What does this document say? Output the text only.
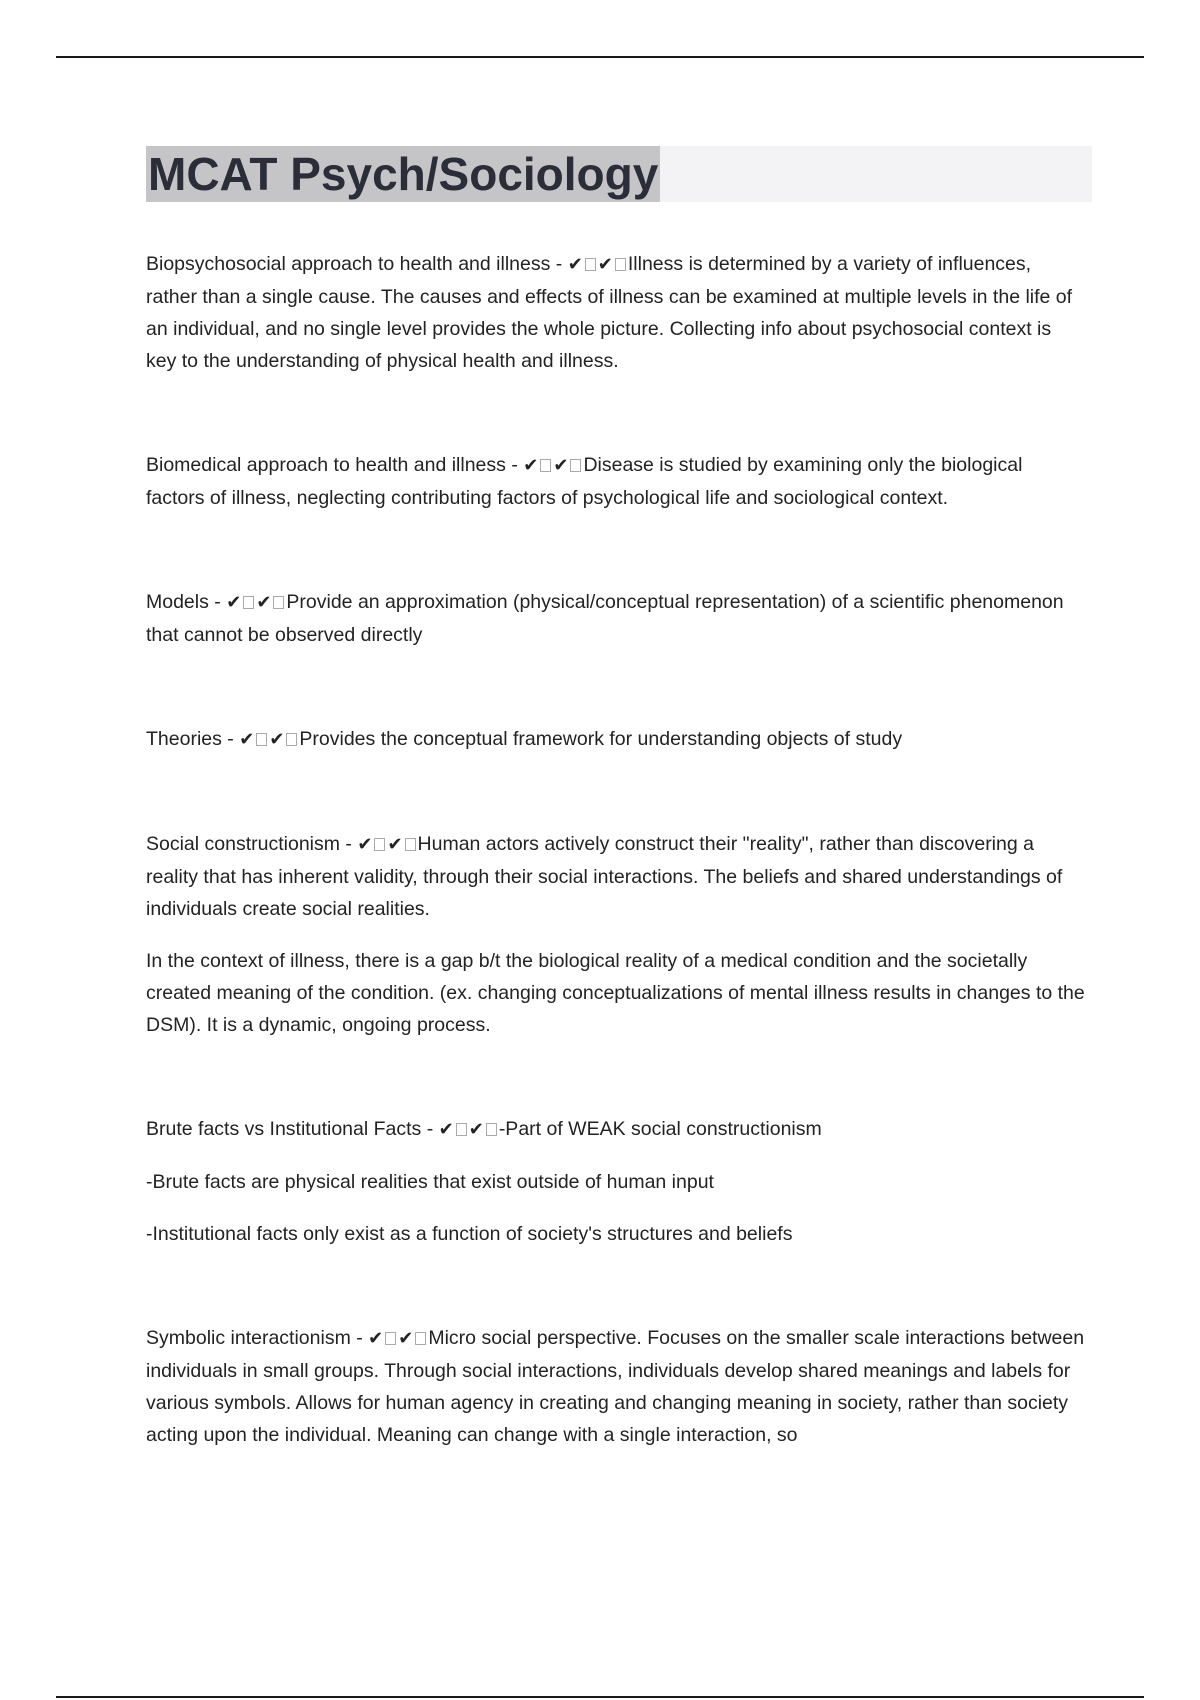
MCAT Psych/Sociology

Biopsychosocial approach to health and illness - ✔ ✔ Illness is determined by a variety of influences, rather than a single cause. The causes and effects of illness can be examined at multiple levels in the life of an individual, and no single level provides the whole picture. Collecting info about psychosocial context is key to the understanding of physical health and illness.

Biomedical approach to health and illness - ✔ ✔ Disease is studied by examining only the biological factors of illness, neglecting contributing factors of psychological life and sociological context.

Models - ✔ ✔ Provide an approximation (physical/conceptual representation) of a scientific phenomenon that cannot be observed directly

Theories - ✔ ✔ Provides the conceptual framework for understanding objects of study

Social constructionism - ✔ ✔ Human actors actively construct their "reality", rather than discovering a reality that has inherent validity, through their social interactions. The beliefs and shared understandings of individuals create social realities.

In the context of illness, there is a gap b/t the biological reality of a medical condition and the societally created meaning of the condition. (ex. changing conceptualizations of mental illness results in changes to the DSM). It is a dynamic, ongoing process.

Brute facts vs Institutional Facts - ✔ ✔ -Part of WEAK social constructionism

-Brute facts are physical realities that exist outside of human input

-Institutional facts only exist as a function of society's structures and beliefs

Symbolic interactionism - ✔ ✔ Micro social perspective. Focuses on the smaller scale interactions between individuals in small groups. Through social interactions, individuals develop shared meanings and labels for various symbols. Allows for human agency in creating and changing meaning in society, rather than society acting upon the individual. Meaning can change with a single interaction, so
